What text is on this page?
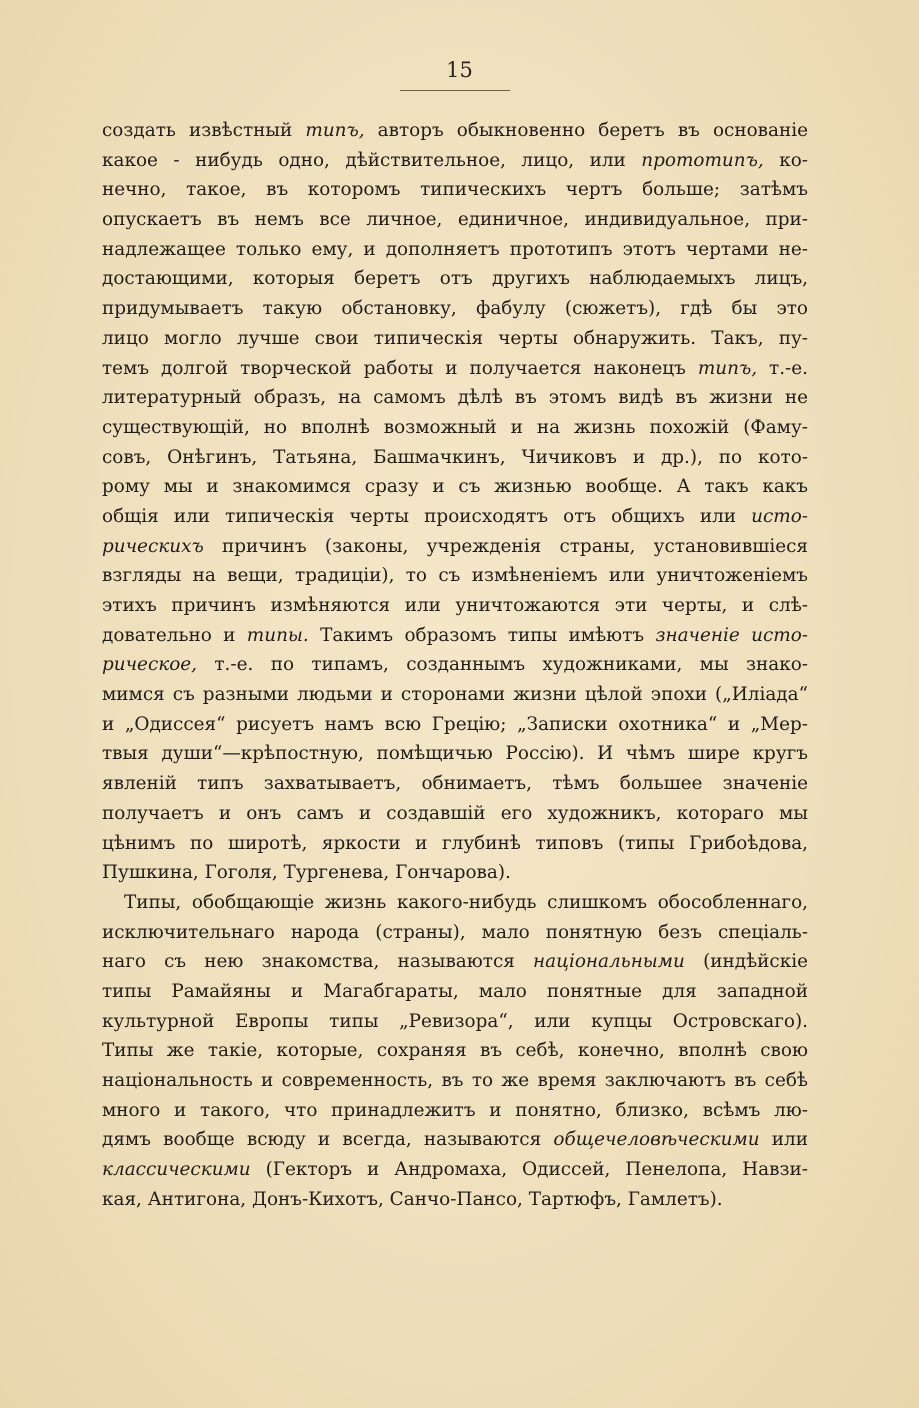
15
создать извѣстный типъ, авторъ обыкновенно беретъ въ основаніе
какое - нибудь одно, дѣйствительное, лицо, или прототипъ, ко-
нечно, такое, въ которомъ типическихъ чертъ больше; затѣмъ
опускаетъ въ немъ все личное, единичное, индивидуальное, при-
надлежащее только ему, и дополняетъ прототипъ этотъ чертами не-
достающими, которыя беретъ отъ другихъ наблюдаемыхъ лицъ,
придумываетъ такую обстановку, фабулу (сюжетъ), гдѣ бы это
лицо могло лучше свои типическія черты обнаружить. Такъ, пу-
темъ долгой творческой работы и получается наконецъ типъ, т.-е.
литературный образъ, на самомъ дѣлѣ въ этомъ видѣ въ жизни не
существующій, но вполнѣ возможный и на жизнь похожій (Фаму-
совъ, Онѣгинъ, Татьяна, Башмачкинъ, Чичиковъ и др.), по кото-
рому мы и знакомимся сразу и съ жизнью вообще. А такъ какъ
общія или типическія черты происходятъ отъ общихъ или исто-
рическихъ причинъ (законы, учрежденія страны, установившіеся
взгляды на вещи, традиціи), то съ измѣненіемъ или уничтоженіемъ
этихъ причинъ измѣняются или уничтожаются эти черты, и слѣ-
довательно и типы. Такимъ образомъ типы имѣютъ значеніе исто-
рическое, т.-е. по типамъ, созданнымъ художниками, мы знако-
мимся съ разными людьми и сторонами жизни цѣлой эпохи („Иліада“
и „Одиссея“ рисуетъ намъ всю Грецію; „Записки охотника“ и „Мер-
твыя души“—крѣпостную, помѣщичью Россію). И чѣмъ шире кругъ
явленій типъ захватываетъ, обнимаетъ, тѣмъ большее значеніе
получаетъ и онъ самъ и создавшій его художникъ, котораго мы
цѣнимъ по широтѣ, яркости и глубинѣ типовъ (типы Грибоѣдова,
Пушкина, Гоголя, Тургенева, Гончарова).
Типы, обобщающіе жизнь какого-нибудь слишкомъ обособленнаго,
исключительнаго народа (страны), мало понятную безъ спеціаль-
наго съ нею знакомства, называются національными (индѣйскіе
типы Рамайяны и Магабгараты, мало понятные для западной
культурной Европы типы „Ревизора“, или купцы Островскаго).
Типы же такіе, которые, сохраняя въ себѣ, конечно, вполнѣ свою
національность и современность, въ то же время заключаютъ въ себѣ
много и такого, что принадлежитъ и понятно, близко, всѣмъ лю-
дямъ вообще всюду и всегда, называются общечеловѣческими или
классическими (Гекторъ и Андромаха, Одиссей, Пенелопа, Навзи-
кая, Антигона, Донъ-Кихотъ, Санчо-Пансо, Тартюфъ, Гамлетъ).
